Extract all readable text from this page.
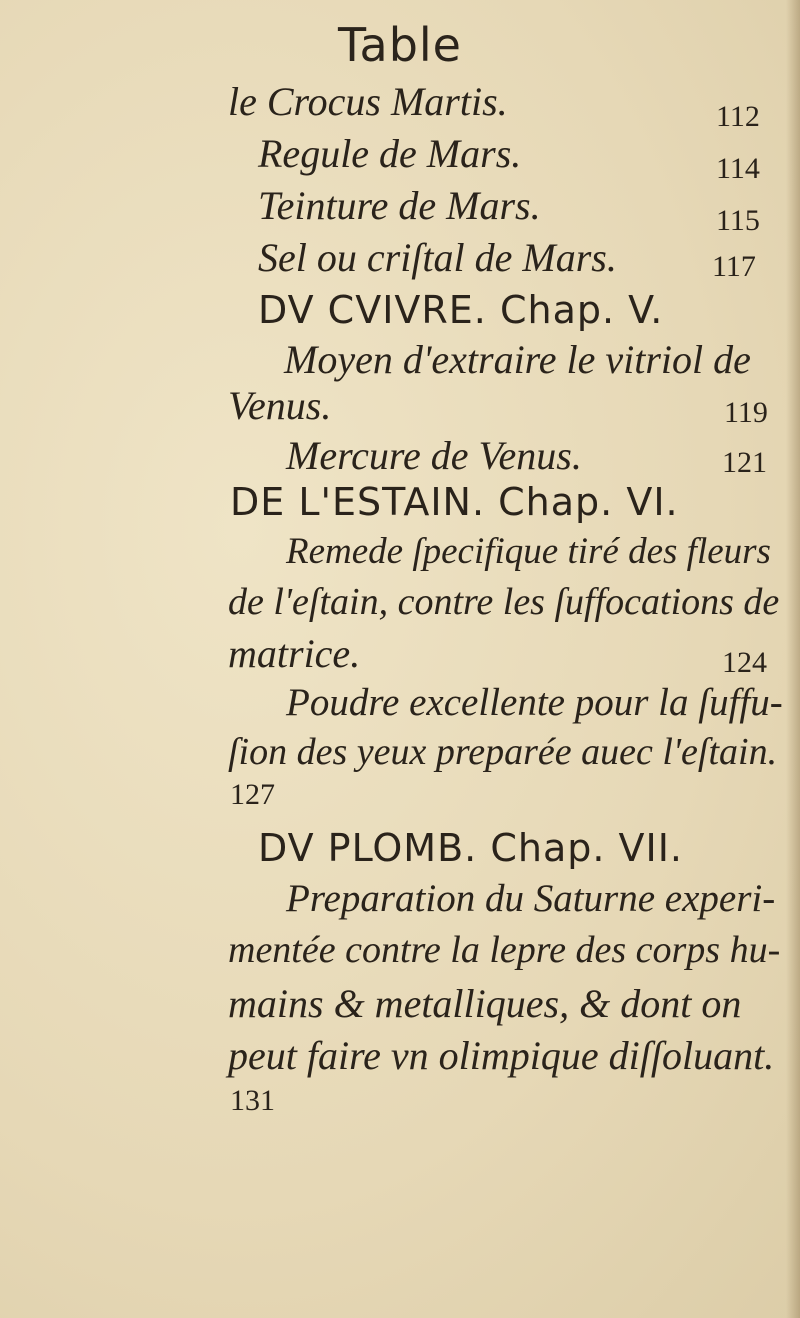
Table
le Crocus Martis.	112
Regule de Mars.	114
Teinture de Mars.	115
Sel ou criſtal de Mars.	117
DV CVIVRE. Chap. V.
Moyen d'extraire le vitriol de
Venus.	119
Mercure de Venus.	121
DE L'ESTAIN. Chap. VI.
Remede ſpecifique tiré des fleurs
de l'eſtain, contre les ſuffocations de
matrice.	124
Poudre excellente pour la ſuffu-
ſion des yeux preparée auec l'eſtain.
127
DV PLOMB. Chap. VII.
Preparation du Saturne experi-
mentée contre la lepre des corps hu-
mains & metalliques, & dont on
peut faire vn olimpique diſſoluant.
131
